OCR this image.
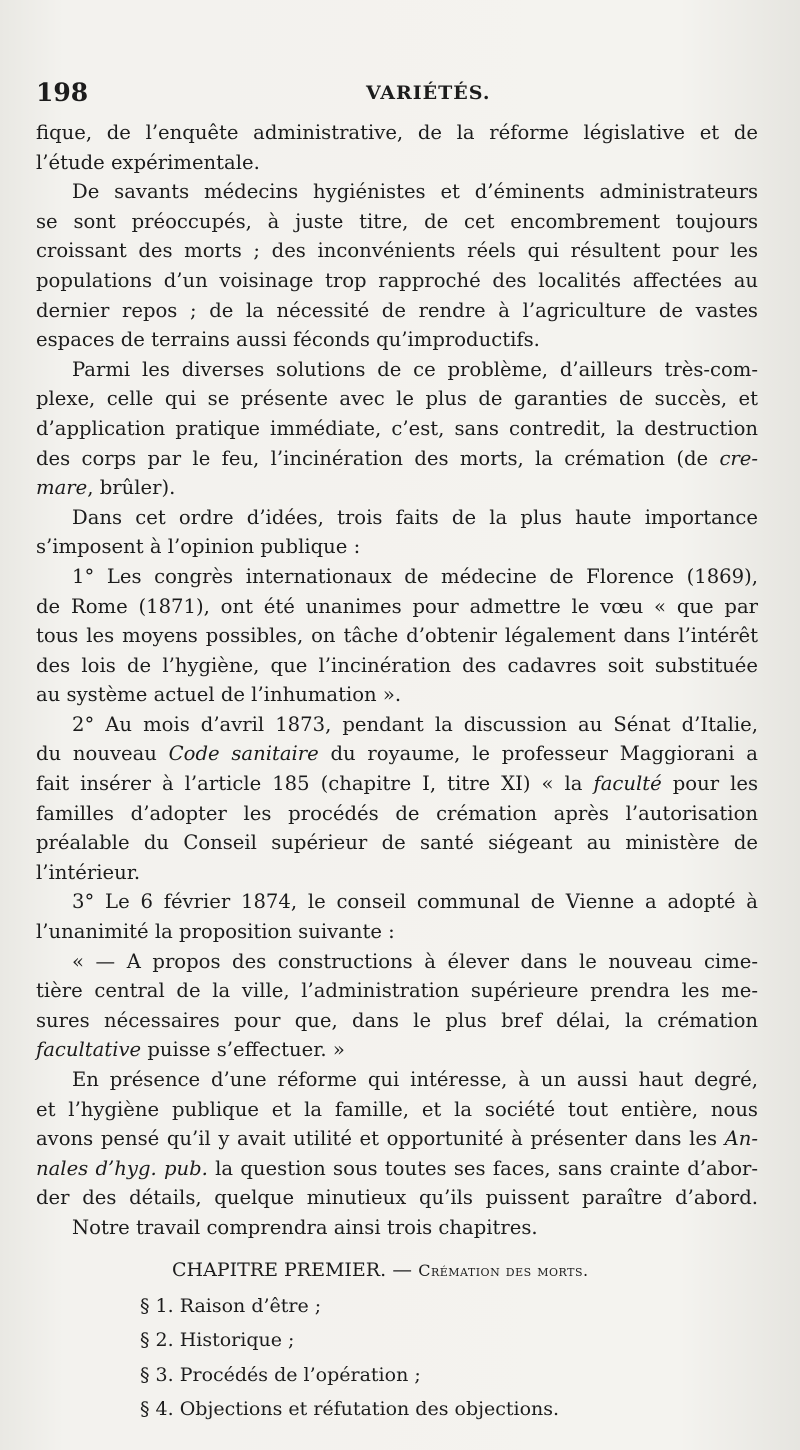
198	VARIÉTÉS.
fique, de l’enquête administrative, de la réforme législative et de
l’étude expérimentale.
De savants médecins hygiénistes et d’éminents administrateurs
se sont préoccupés, à juste titre, de cet encombrement toujours
croissant des morts ; des inconvénients réels qui résultent pour les
populations d’un voisinage trop rapproché des localités affectées au
dernier repos ; de la nécessité de rendre à l’agriculture de vastes
espaces de terrains aussi féconds qu’improductifs.
Parmi les diverses solutions de ce problème, d’ailleurs très-com-
plexe, celle qui se présente avec le plus de garanties de succès, et
d’application pratique immédiate, c’est, sans contredit, la destruction
des corps par le feu, l’incinération des morts, la crémation (de cre-
mare, brûler).
Dans cet ordre d’idées, trois faits de la plus haute importance
s’imposent à l’opinion publique :
1° Les congrès internationaux de médecine de Florence (1869),
de Rome (1871), ont été unanimes pour admettre le vœu « que par
tous les moyens possibles, on tâche d’obtenir légalement dans l’intérêt
des lois de l’hygiène, que l’incinération des cadavres soit substituée
au système actuel de l’inhumation ».
2° Au mois d’avril 1873, pendant la discussion au Sénat d’Italie,
du nouveau Code sanitaire du royaume, le professeur Maggiorani a
fait insérer à l’article 185 (chapitre I, titre XI) « la faculté pour les
familles d’adopter les procédés de crémation après l’autorisation
préalable du Conseil supérieur de santé siégeant au ministère de
l’intérieur.
3° Le 6 février 1874, le conseil communal de Vienne a adopté à
l’unanimité la proposition suivante :
« — A propos des constructions à élever dans le nouveau cime-
tière central de la ville, l’administration supérieure prendra les me-
sures nécessaires pour que, dans le plus bref délai, la crémation
facultative puisse s’effectuer. »
En présence d’une réforme qui intéresse, à un aussi haut degré,
et l’hygiène publique et la famille, et la société tout entière, nous
avons pensé qu’il y avait utilité et opportunité à présenter dans les An-
nales d’hyg. pub. la question sous toutes ses faces, sans crainte d’abor-
der des détails, quelque minutieux qu’ils puissent paraître d’abord.
Notre travail comprendra ainsi trois chapitres.
CHAPITRE PREMIER. — Crémation des morts.
§ 1. Raison d’être ;
§ 2. Historique ;
§ 3. Procédés de l’opération ;
§ 4. Objections et réfutation des objections.
